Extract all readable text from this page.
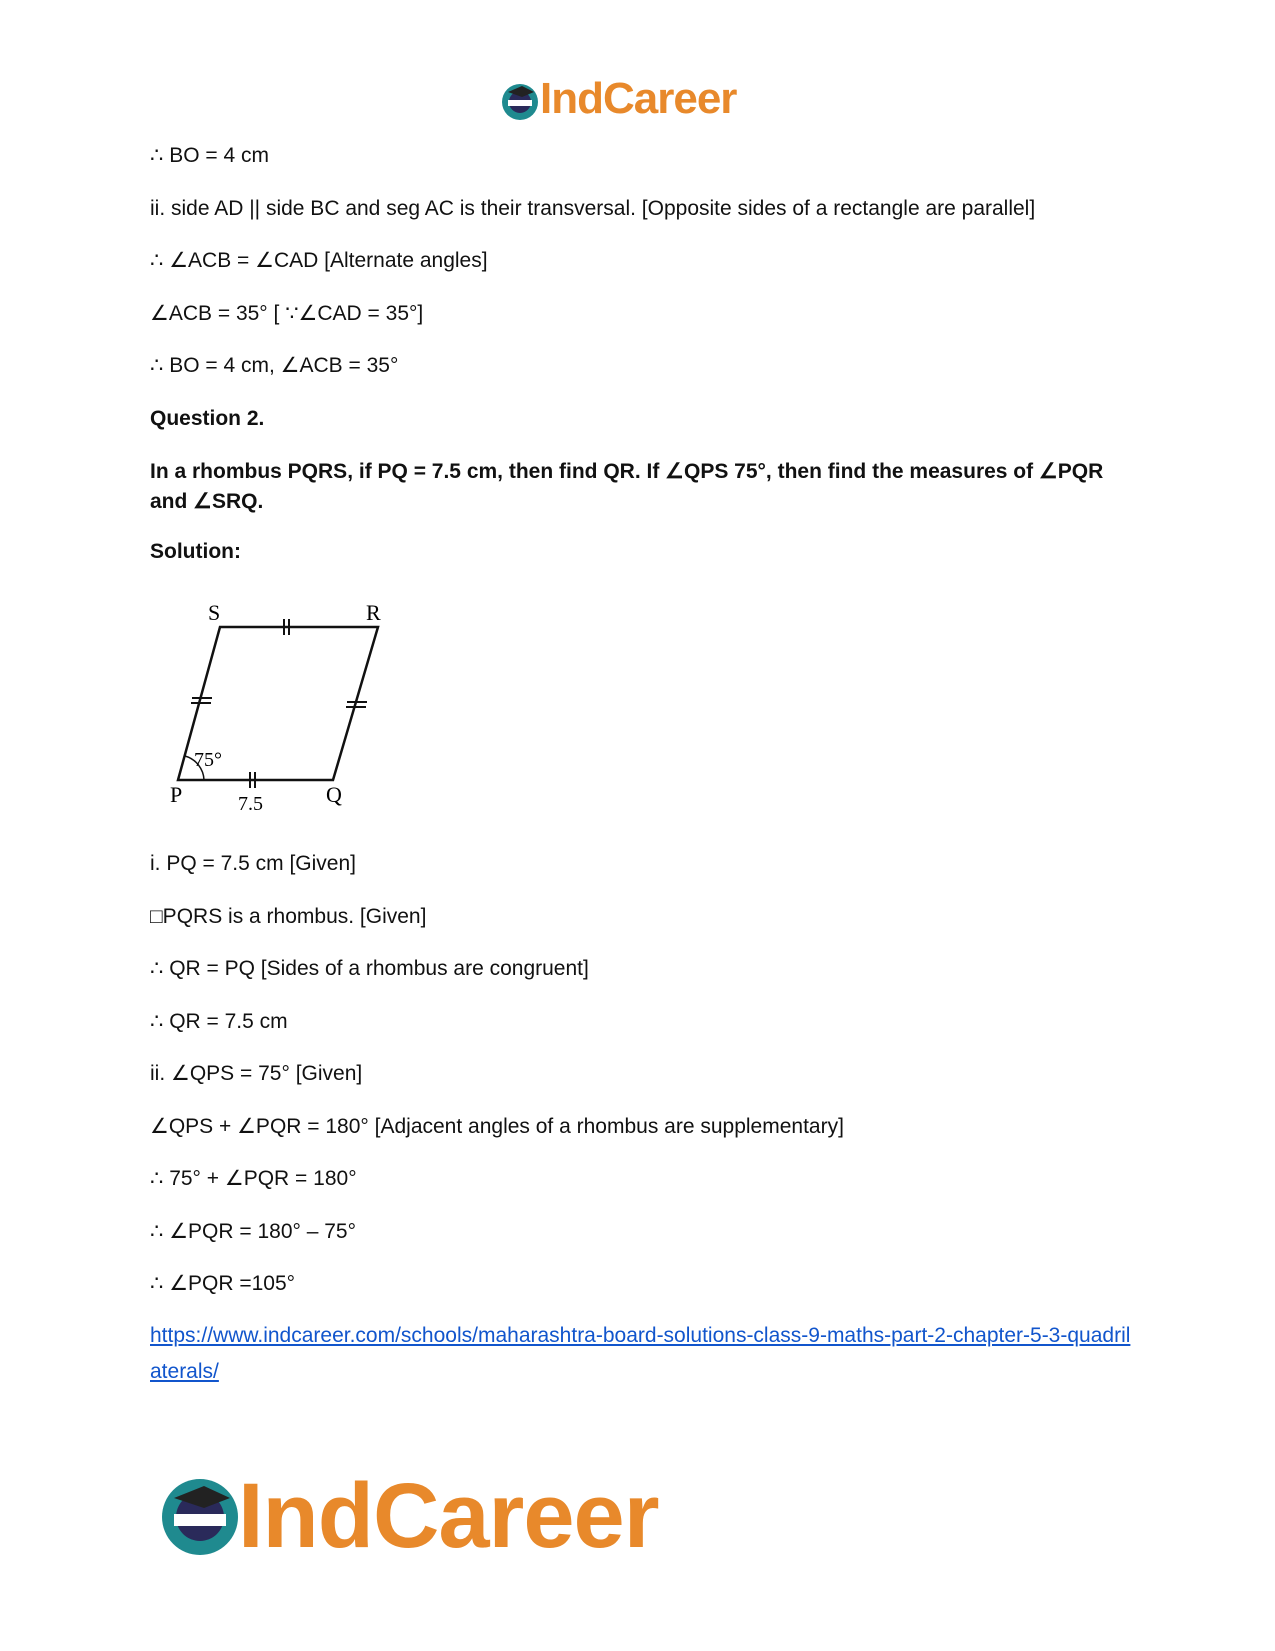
IndCareer
∴ BO = 4 cm
ii. side AD || side BC and seg AC is their transversal. [Opposite sides of a rectangle are parallel]
∴ ∠ACB = ∠CAD [Alternate angles]
∠ACB = 35° [ ∵∠CAD = 35°]
∴ BO = 4 cm, ∠ACB = 35°
Question 2.
In a rhombus PQRS, if PQ = 7.5 cm, then find QR. If ∠QPS 75°, then find the measures of ∠PQR and ∠SRQ.
Solution:
i. PQ = 7.5 cm [Given]
□PQRS is a rhombus. [Given]
∴ QR = PQ [Sides of a rhombus are congruent]
∴ QR = 7.5 cm
ii. ∠QPS = 75° [Given]
∠QPS + ∠PQR = 180° [Adjacent angles of a rhombus are supplementary]
∴ 75° + ∠PQR = 180°
∴ ∠PQR = 180° – 75°
∴ ∠PQR =105°
https://www.indcareer.com/schools/maharashtra-board-solutions-class-9-maths-part-2-chapter-5-3-quadrilaterals/
S	R
P	Q
75°
7.5
IndCareer
